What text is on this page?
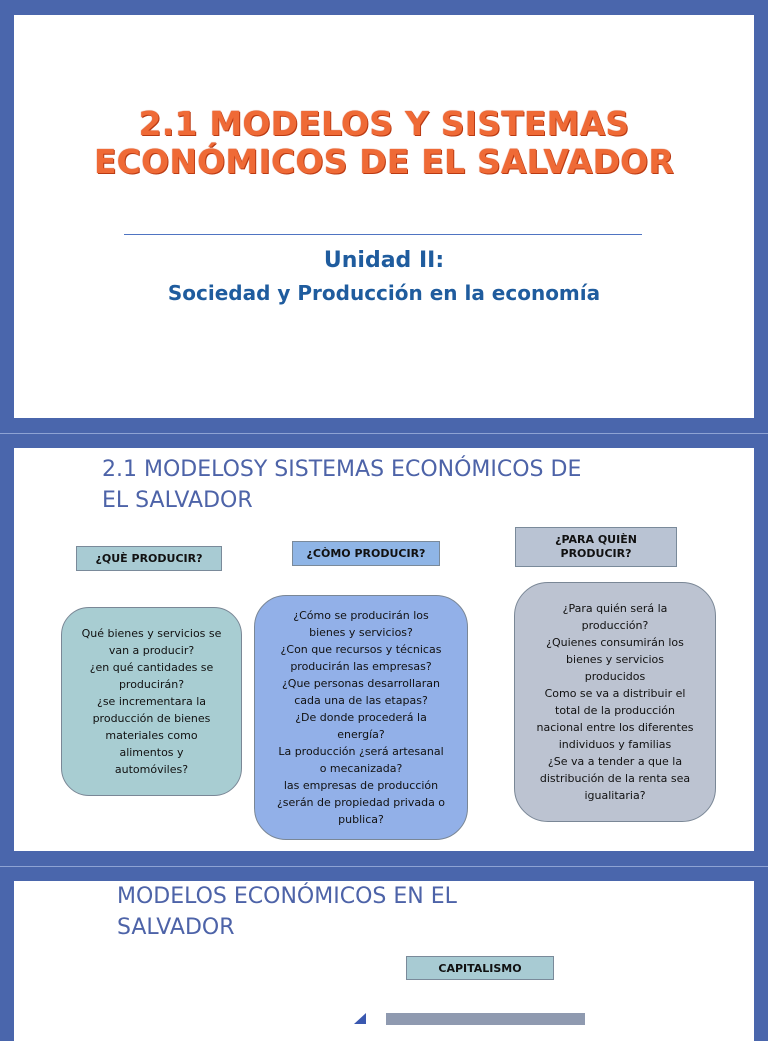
2.1 MODELOS Y SISTEMAS
ECONÓMICOS DE EL SALVADOR
Unidad II:
Sociedad y Producción en la economía
2.1 MODELOSY SISTEMAS ECONÓMICOS DE
EL SALVADOR
¿QUÈ PRODUCIR?	¿CÒMO PRODUCIR?
¿PARA QUIÈN PRODUCIR?
Qué bienes y servicios se
van a producir?
¿en qué cantidades se
producirán?
¿se incrementara la
producción de bienes
materiales como
alimentos y
automóviles?
¿Cómo se producirán los
bienes y servicios?
¿Con que recursos y técnicas
producirán las empresas?
¿Que personas desarrollaran
cada una de las etapas?
¿De donde procederá la
energía?
La producción ¿será artesanal
o mecanizada?
las empresas de producción
¿serán de propiedad privada o
publica?
¿Para quién será la
producción?
¿Quienes consumirán los
bienes y servicios
producidos
Como se va a distribuir el
total de la producción
nacional entre los diferentes
individuos y familias
¿Se va a tender a que la
distribución de la renta sea
igualitaria?
MODELOS ECONÓMICOS EN EL
SALVADOR
CAPITALISMO
